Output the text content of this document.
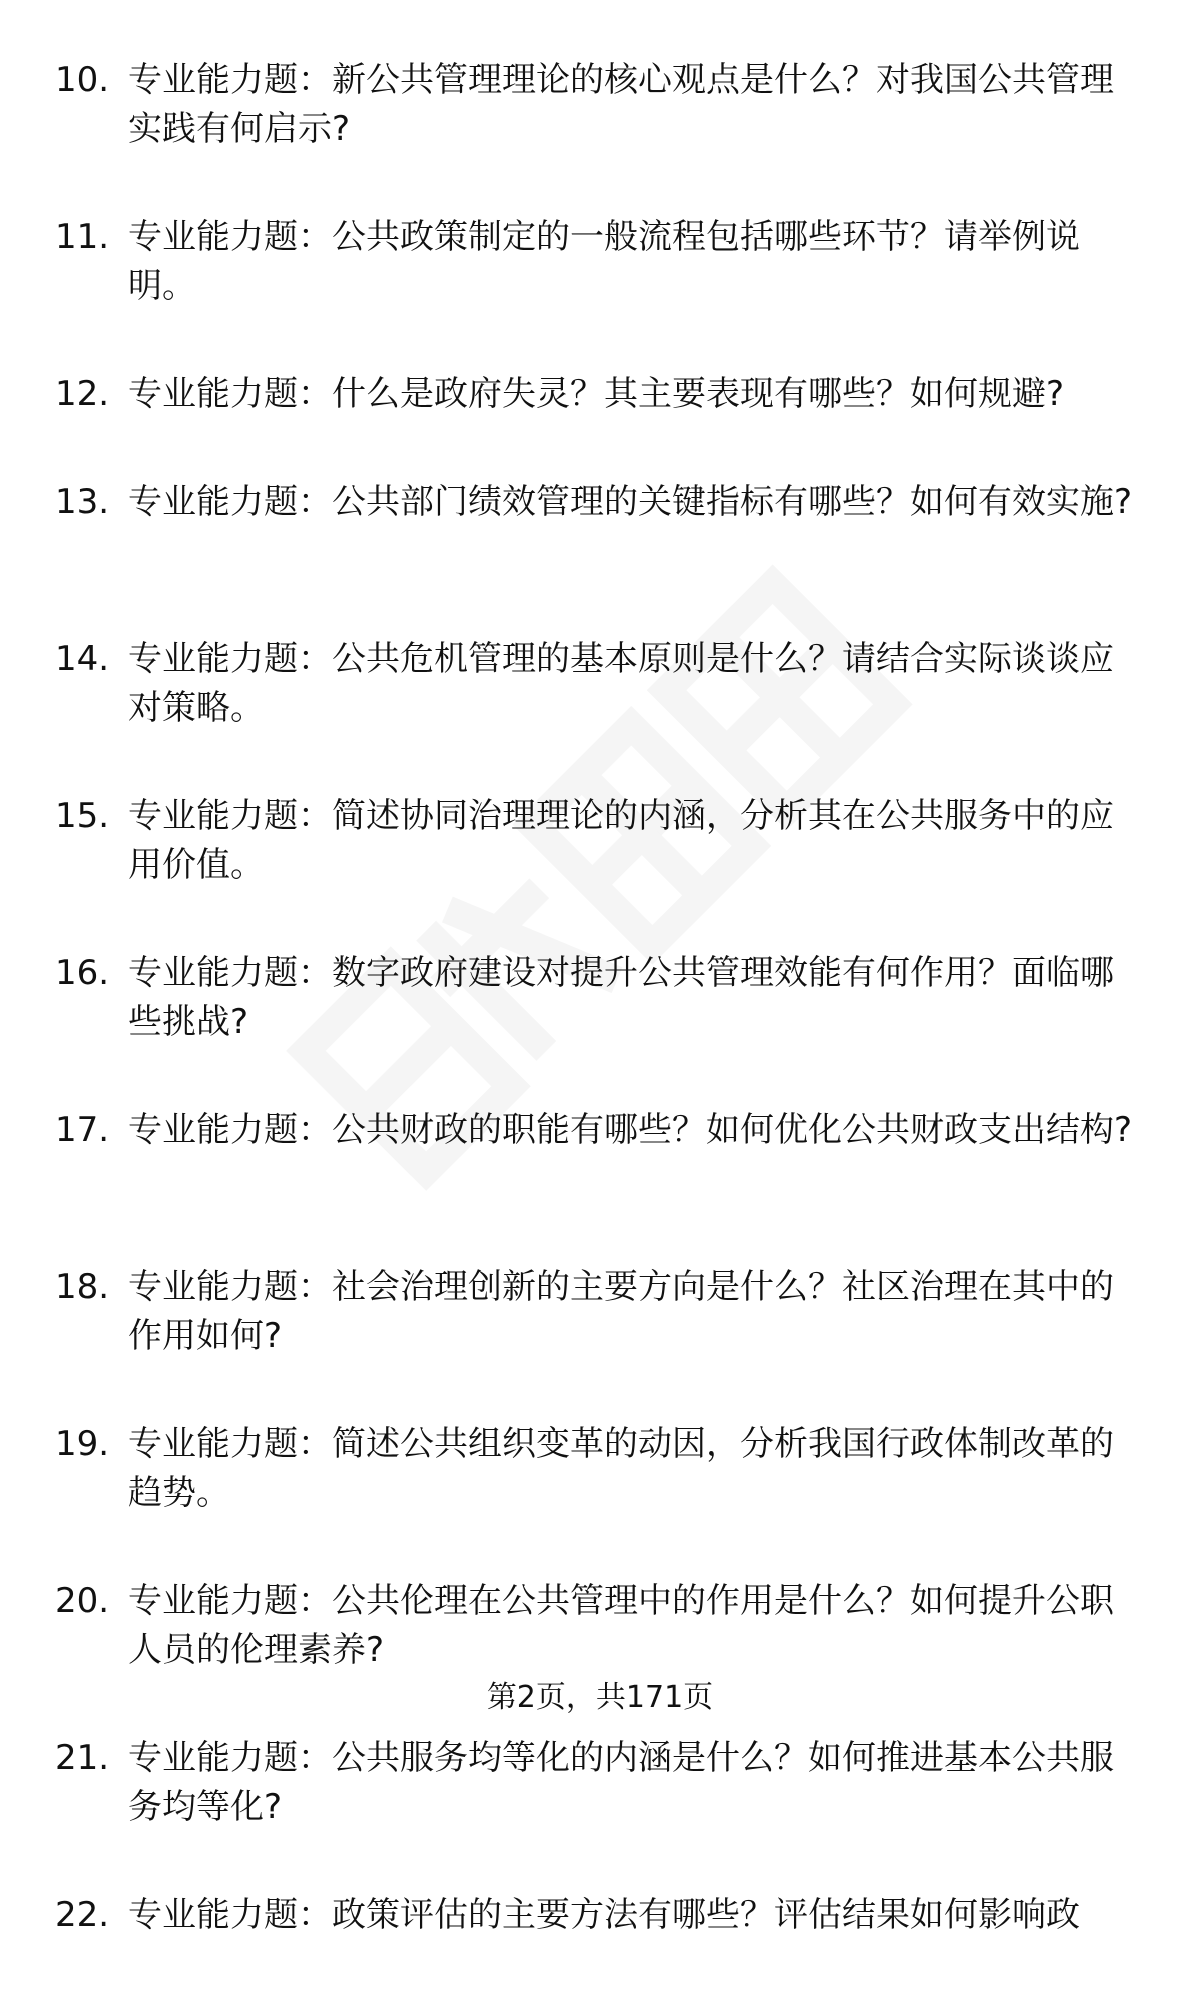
10. 专业能力题：新公共管理理论的核心观点是什么？对我国公共管理实践有何启示?
11. 专业能力题：公共政策制定的一般流程包括哪些环节？请举例说明。
12. 专业能力题：什么是政府失灵？其主要表现有哪些？如何规避?
13. 专业能力题：公共部门绩效管理的关键指标有哪些？如何有效实施?
14. 专业能力题：公共危机管理的基本原则是什么？请结合实际谈谈应对策略。
15. 专业能力题：简述协同治理理论的内涵，分析其在公共服务中的应用价值。
16. 专业能力题：数字政府建设对提升公共管理效能有何作用？面临哪些挑战?
17. 专业能力题：公共财政的职能有哪些？如何优化公共财政支出结构?
18. 专业能力题：社会治理创新的主要方向是什么？社区治理在其中的作用如何?
19. 专业能力题：简述公共组织变革的动因，分析我国行政体制改革的趋势。
20. 专业能力题：公共伦理在公共管理中的作用是什么？如何提升公职人员的伦理素养?
21. 专业能力题：公共服务均等化的内涵是什么？如何推进基本公共服务均等化?
22. 专业能力题：政策评估的主要方法有哪些？评估结果如何影响政
第2页，共171页
